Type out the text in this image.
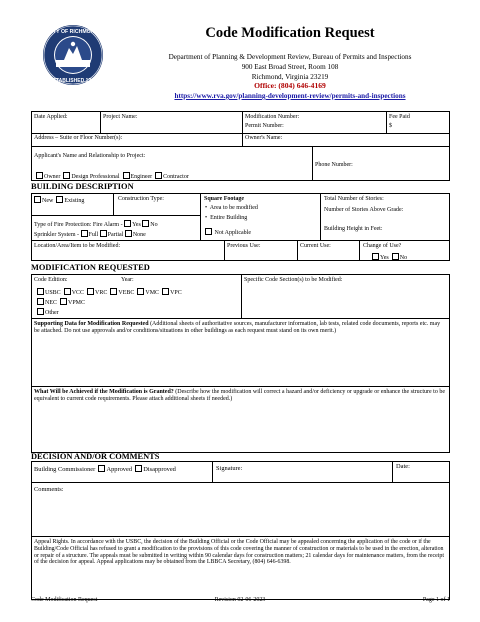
CITY OF RICHMOND
ESTABLISHED 1742
Code Modification Request
Department of Planning & Development Review, Bureau of Permits and Inspections
900 East Broad Street, Room 108
Richmond, Virginia 23219
Office: (804) 646-4169
https://www.rva.gov/planning-development-review/permits-and-inspections
Date Applied:	Project Name:	Modification Number:
Permit Number:
Fee Paid
$
Address – Suite or Floor Number(s):	Owner's Name:
Applicant's Name and Relationship to Project:
Phone Number:
Owner Design Professional Engineer Contractor
BUILDING DESCRIPTION
New Existing	Construction Type:	Square Footage
•  Area to be modified
•  Entire Building
Not Applicable
Total Number of Stories:
Number of Stories Above Grade:
Building Height in Feet:
Type of Fire Protection: Fire Alarm - Yes No
Sprinkler System - Full Partial None
Location/Area/Item to be Modified:	Previous Use:	Current Use:	Change of Use?
Yes No
MODIFICATION REQUESTED
Code Edition:	Year:
USBC VCC VRC VEBC VMC VPC
NEC VPMC
Other
Specific Code Section(s) to be Modified:
Supporting Data for Modification Requested (Additional sheets of authoritative sources, manufacturer information, lab tests, related code documents, reports etc. may be attached. Do not use approvals and/or conditions/situations in other buildings as each request must stand on its own merit.)
What Will be Achieved if the Modification is Granted? (Describe how the modification will correct a hazard and/or deficiency or upgrade or enhance the structure to be equivalent to current code requirements. Please attach additional sheets if needed.)
DECISION AND/OR COMMENTS
Building Commissioner Approved Disapproved	Signature:	Date:
Comments:
Appeal Rights. In accordance with the USBC, the decision of the Building Official or the Code Official may be appealed concerning the application of the code or if the Building/Code Official has refused to grant a modification to the provisions of this code covering the manner of construction or materials to be used in the erection, alteration or repair of a structure. The appeals must be submitted in writing within 90 calendar days for construction matters; 21 calendar days for maintenance matters, from the receipt of the decision for appeal. Appeal applications may be obtained from the LBBCA Secretary, (804) 646-6398.
Code Modification Request	Revision 02-06-2023	Page 1 of 1
